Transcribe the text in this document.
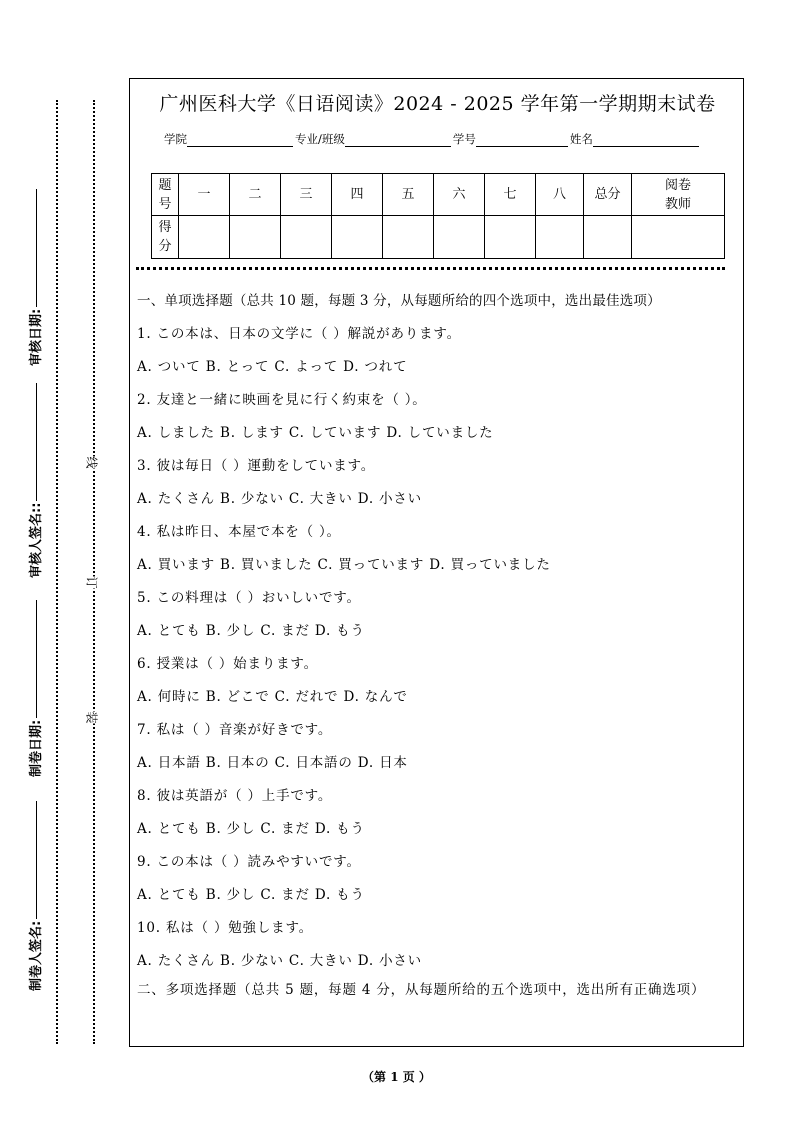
审核日期:
审核人签名::
制卷日期:
制卷人签名:
线
订
装
广州医科大学《日语阅读》2024 - 2025 学年第一学期期末试卷
学院	专业/班级	学号	姓名
题
号	一	二	三	四	五	六	七	八	总分	阅卷
教师
得
分										

一、单项选择题（总共 10 题，每题 3 分，从每题所给的四个选项中，选出最佳选项）

1. この本は、日本の文学に（ ）解説があります。

A. ついて B. とって C. よって D. つれて

2. 友達と一緒に映画を見に行く約束を（ ）。

A. しました B. します C. しています D. していました

3. 彼は毎日（ ）運動をしています。

A. たくさん B. 少ない C. 大きい D. 小さい

4. 私は昨日、本屋で本を（ ）。

A. 買います B. 買いました C. 買っています D. 買っていました

5. この料理は（ ）おいしいです。

A. とても B. 少し C. まだ D. もう

6. 授業は（ ）始まります。

A. 何時に B. どこで C. だれで D. なんで

7. 私は（ ）音楽が好きです。

A. 日本語 B. 日本の C. 日本語の D. 日本

8. 彼は英語が（ ）上手です。

A. とても B. 少し C. まだ D. もう

9. この本は（ ）読みやすいです。

A. とても B. 少し C. まだ D. もう

10. 私は（ ）勉強します。

A. たくさん B. 少ない C. 大きい D. 小さい

二、多项选择题（总共 5 题，每题 4 分，从每题所给的五个选项中，选出所有正确选项）

（第 1 页 ）
